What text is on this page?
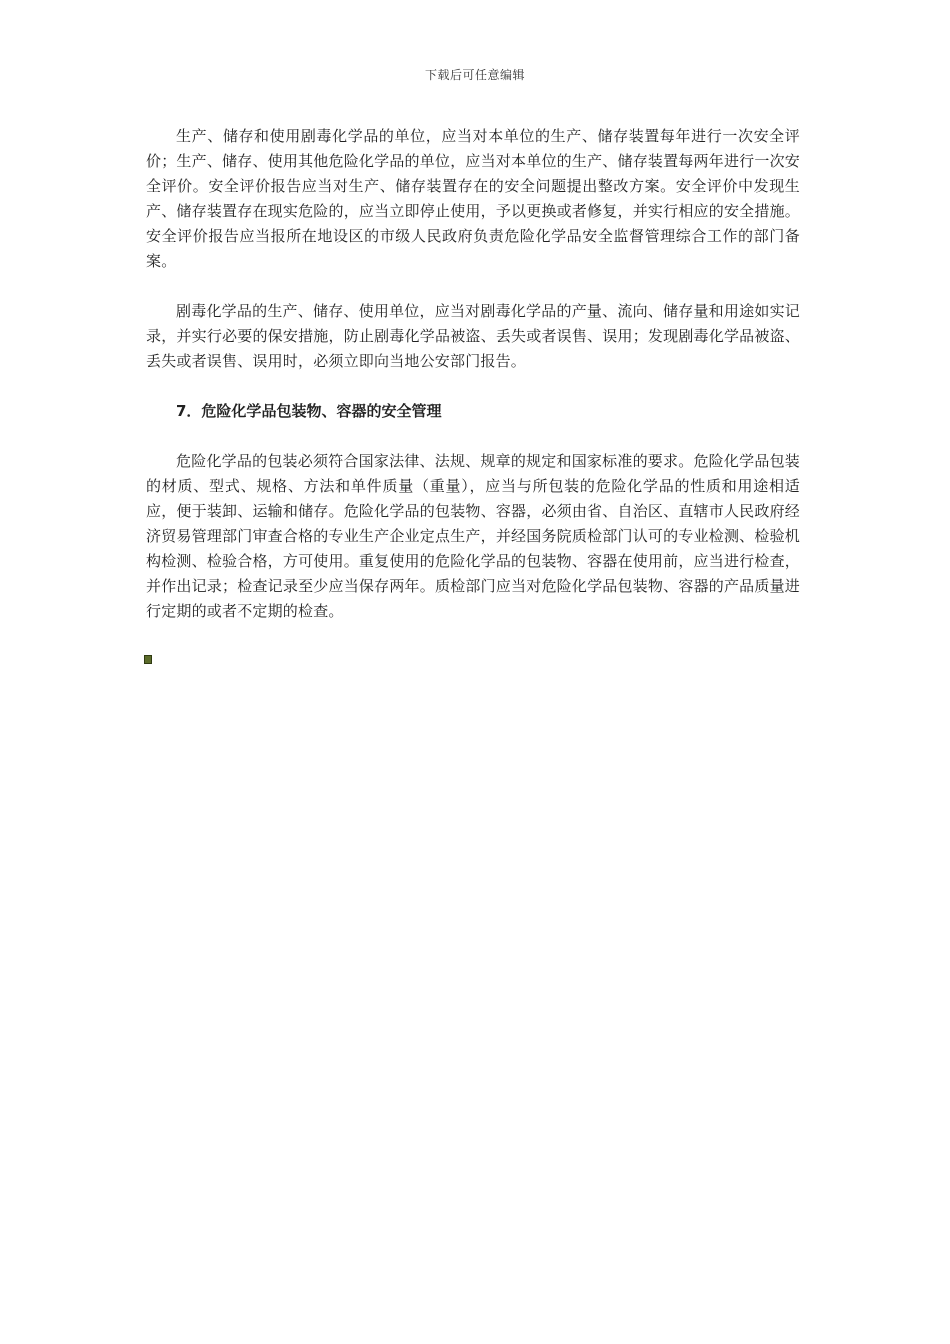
下载后可任意编辑

生产、储存和使用剧毒化学品的单位，应当对本单位的生产、储存装置每年进行一次安全评价；生产、储存、使用其他危险化学品的单位，应当对本单位的生产、储存装置每两年进行一次安全评价。安全评价报告应当对生产、储存装置存在的安全问题提出整改方案。安全评价中发现生产、储存装置存在现实危险的，应当立即停止使用，予以更换或者修复，并实行相应的安全措施。安全评价报告应当报所在地设区的市级人民政府负责危险化学品安全监督管理综合工作的部门备案。

剧毒化学品的生产、储存、使用单位，应当对剧毒化学品的产量、流向、储存量和用途如实记录，并实行必要的保安措施，防止剧毒化学品被盗、丢失或者误售、误用；发现剧毒化学品被盗、丢失或者误售、误用时，必须立即向当地公安部门报告。

7．危险化学品包装物、容器的安全管理

危险化学品的包装必须符合国家法律、法规、规章的规定和国家标准的要求。危险化学品包装的材质、型式、规格、方法和单件质量（重量），应当与所包装的危险化学品的性质和用途相适应，便于装卸、运输和储存。危险化学品的包装物、容器，必须由省、自治区、直辖市人民政府经济贸易管理部门审查合格的专业生产企业定点生产，并经国务院质检部门认可的专业检测、检验机构检测、检验合格，方可使用。重复使用的危险化学品的包装物、容器在使用前，应当进行检查，并作出记录；检查记录至少应当保存两年。质检部门应当对危险化学品包装物、容器的产品质量进行定期的或者不定期的检查。
